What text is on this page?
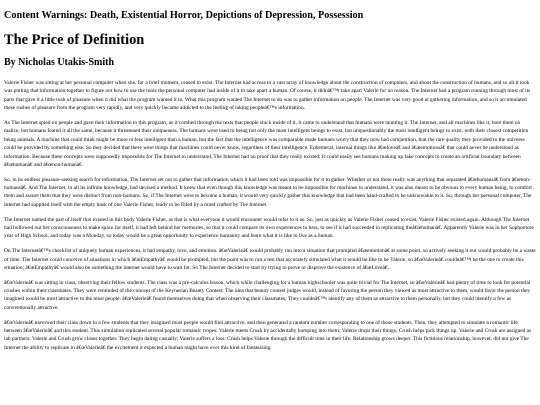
Content Warnings: Death, Existential Horror, Depictions of Depression, Possession
The Price of Definition
By Nicholas Utakis-Smith

Valerie Fisher was sitting at her personal computer when she, for a brief moment, ceased to exist. The Internet had access to a vast array of knowledge about the construction of computers, and about the construction of humans, and so all it took was putting that information together to figure out how to use the tools the personal computer had inside of it to take apart a human. Of course, it didnâ€™t take apart Valerie for no reason. The Internet had a program running through most of its parts that gave it a little rush of pleasure when it did what the program wanted it to. What this program wanted The Internet to do was to gather information on people. The Internet was very good at gathering information, and so it accumulated these rushes of pleasure from the program very rapidly, and very quickly became addicted to the feeling of taking peopleâ€™s information.

As The Internet spied on people and gave their information to this program, as it combed through the texts that people stuck inside of it, it came to understand that humans were taunting it. The Internet, and all machines like it, bore them no malice, but humans feared it all the same, because it threatened their uniqueness. The humans were used to being not only the most intelligent beings to exist, but unquestionably the most intelligent beings to exist, with their closest competition being animals. A machine that could think might be more or less intelligent than a human, but the fact that the intelligence was comparable made humans worry that they now had competition, that the rare quality they provided to the universe could be provided by something else. So they decided that there were things that machines could never know, regardless of their intelligence. Ephemeral, internal things like â€œloveâ€ and â€œemotionsâ€ that could never be understood as information. Because these concepts were supposedly impossible for The Internet to understand, The Internet had no proof that they really existed; It could easily see humans making up fake concepts to create an artificial boundary between â€œhumanâ€ and â€œnon-humanâ€.

So, in its endless pleasure-seeking search for information, The Internet set out to gather that information which it had been told was impossible for it to gather. Whether or not there really was anything that separated â€œhumansâ€ from â€œnon-humansâ€. And The Internet, in all its infinite knowledge, had devised a method. It knew that even though this knowledge was meant to be impossible for machines to understand, it was also meant to be obvious to every human being, to comfort them and assure them that they were distinct from non-humans. So, if The Internet were to become a human, it would very quickly gather this knowledge that had been hand-crafted to be unknowable to it. So, through her personal computer, The Internet had supplied itself with the empty husk of one Valerie Fisher, ready to be filled by a mind crafted by The Internet.

The Internet named the part of itself that existed in this body Valerie Fisher, as that is what everyone it would encounter would refer to it as. So, just as quickly as Valerie Fisher ceased to exist, Valerie Fisher existed again. Although The Internet had hollowed out her consciousness to make space for itself, it had left behind her memories, so that it could compare its own experiences to hers, to see if it had succeeded in replicating theâ€œhumanâ€. Apparently Valerie was in her Sophomore year of High School, and today was a Monday, so today would be a great opportunity to experience humanity and learn what it is like to live as a human.

On The Internetâ€™s checklist of uniquely human experiences, it had empathy, love, and emotion. â€œValerieâ€ would probably run into a situation that prompted â€œemotionâ€ at some point, so actively seeking it out would probably be a waste of time. The Internet could conceive of situations in which â€œEmpathyâ€ would be prompted, but the point was to run a test that accurately simulated what it would be like to be Valerie, so â€œValerieâ€ couldnâ€™t be the one to create this situation; â€œEmpathyâ€ would also be something the internet would have to wait for. So The Internet decided to start by trying to prove or disprove the existence of â€œLoveâ€.

â€œValerieâ€ was sitting in class, observing their fellow students. The class was a pre-calculus lesson, which while challenging for a human highschooler was quite trivial for The Internet, so â€œValerieâ€ had plenty of time to look for potential crushes within their classmates. They were reminded of the concept of the Keynesian Beauty Contest: The idea that beauty contest judges would, instead of favoring the person they viewed as most attractive to them, would favor the person they imagined would be most attractive to the most people. â€œValerieâ€ found themselves doing that when observing their classmates; They couldnâ€™t identify any of them as attractive to them personally, but they could identify a few as conventionally attractive.

â€œValerieâ€ narrowed their class down to a few students that they imagined most people would find attractive, and then generated a random number corresponding to one of those students. Then, they attempted to simulate a romantic life between â€œValerieâ€ and this student. This simulation replicated several popular romantic tropes; Valerie meets Crush by accidentally bumping into them; Valerie drops their things; Crush helps pick things up. Valerie and Crush are assigned as lab partners; Valerie and Crush grow closer together. They begin dating casually; Valerie suffers a loss; Crush helps Valerie through the difficult time in their life; Relationship grows deeper. This fictitious relationship, however, did not give The Internet the ability to replicate in â€œValerieâ€ the excitement it expected a human might have over this kind of fantasizing.
